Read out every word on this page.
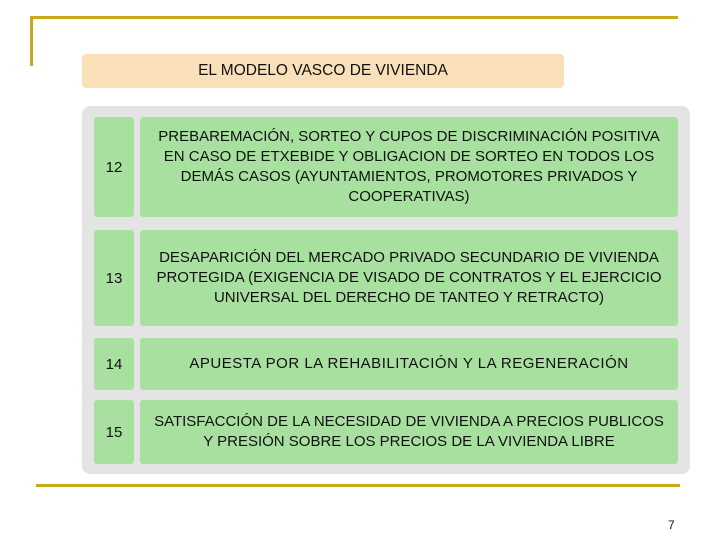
EL MODELO VASCO DE VIVIENDA
12
PREBAREMACIÓN, SORTEO Y CUPOS DE DISCRIMINACIÓN POSITIVA EN CASO DE ETXEBIDE Y OBLIGACION DE SORTEO EN TODOS LOS DEMÁS CASOS (AYUNTAMIENTOS, PROMOTORES PRIVADOS Y COOPERATIVAS)
13
DESAPARICIÓN DEL MERCADO PRIVADO SECUNDARIO DE VIVIENDA PROTEGIDA (EXIGENCIA DE VISADO DE CONTRATOS Y EL EJERCICIO UNIVERSAL DEL DERECHO DE TANTEO Y RETRACTO)
14	APUESTA POR LA REHABILITACIÓN Y LA REGENERACIÓN
15
SATISFACCIÓN DE LA NECESIDAD DE VIVIENDA A PRECIOS PUBLICOS Y PRESIÓN SOBRE LOS PRECIOS DE LA VIVIENDA LIBRE
7
